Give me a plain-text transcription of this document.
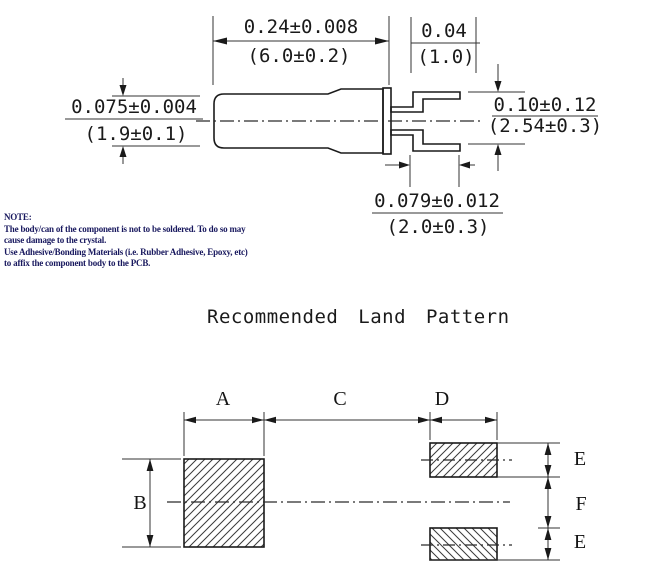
0.24±0.008
(6.0±0.2)
0.04
(1.0)
0.075±0.004
(1.9±0.1)
0.10±0.12
(2.54±0.3)
0.079±0.012
(2.0±0.3)
A	C	D
B
E
F
E
NOTE:
The body/can of the component is not to be soldered. To do so may
cause damage to the crystal.
Use Adhesive/Bonding Materials (i.e. Rubber Adhesive, Epoxy, etc)
to affix the component body to the PCB.
Recommended Land Pattern
